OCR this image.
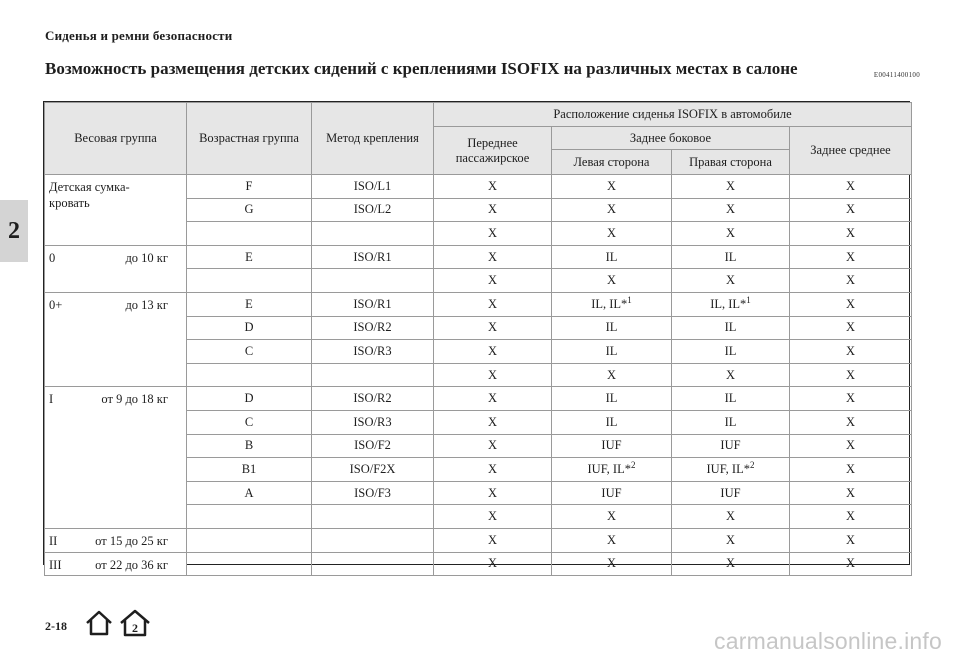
Сиденья и ремни безопасности
Возможность размещения детских сидений с креплениями ISOFIX на различных местах в салоне	E00411400100
2
Весовая группа	Возрастная группа	Метод крепления	Расположение сиденья ISOFIX в автомобиле			
			Переднее пассажирское	Заднее боковое		Заднее среднее
				Левая сторона	Правая сторона	

Детская сумка-кровать	F	ISO/L1	X	X	X	X
	G	ISO/L2	X	X	X	X
			X	X	X	X

0 до 10 кг	E	ISO/R1	X	IL	IL	X
			X	X	X	X

0+ до 13 кг	E	ISO/R1	X	IL, IL*$^1$	IL, IL*$^1$	X
	D	ISO/R2	X	IL	IL	X
	C	ISO/R3	X	IL	IL	X
			X	X	X	X

I от 9 до 18 кг	D	ISO/R2	X	IL	IL	X
	C	ISO/R3	X	IL	IL	X
	B	ISO/F2	X	IUF	IUF	X
	B1	ISO/F2X	X	IUF, IL*$^2$	IUF, IL*$^2$	X
	A	ISO/F3	X	IUF	IUF	X
			X	X	X	X

II от 15 до 25 кг			X	X	X	X

III от 22 до 36 кг			X	X	X	X
2-18	2	carmanualsonline.info
